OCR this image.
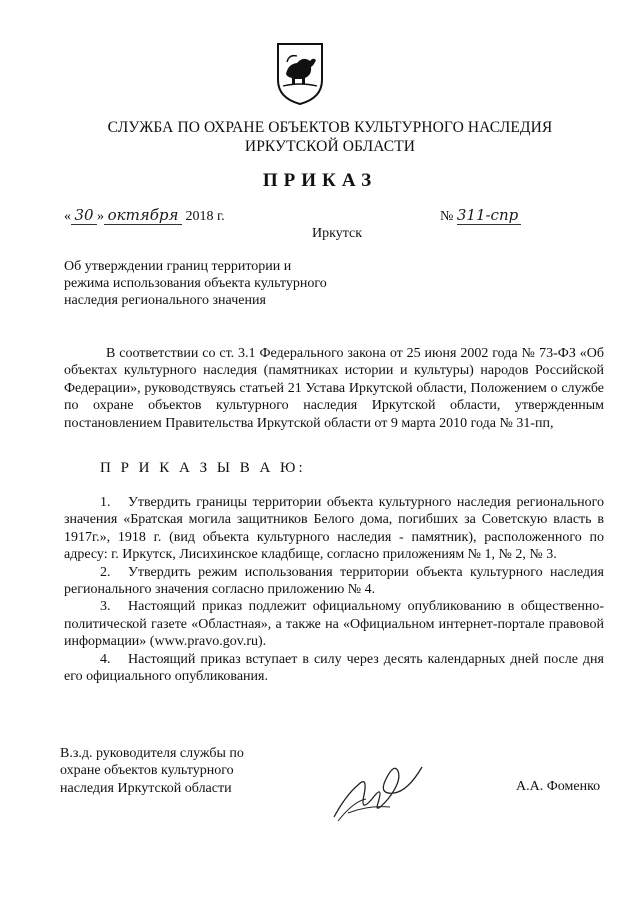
СЛУЖБА ПО ОХРАНЕ ОБЪЕКТОВ КУЛЬТУРНОГО НАСЛЕДИЯ ИРКУТСКОЙ ОБЛАСТИ
ПРИКАЗ
« 30 » октября 2018 г.	№ 311-спр
Иркутск
Об утверждении границ территории и
режима использования объекта культурного
наследия регионального значения
В соответствии со ст. 3.1 Федерального закона от 25 июня 2002 года № 73-ФЗ «Об объектах культурного наследия (памятниках истории и культуры) народов Российской Федерации», руководствуясь статьей 21 Устава Иркутской области, Положением о службе по охране объектов культурного наследия Иркутской области, утвержденным постановлением Правительства Иркутской области от 9 марта 2010 года № 31-пп,
П Р И К А З Ы В А Ю:
1. Утвердить границы территории объекта культурного наследия регионального значения «Братская могила защитников Белого дома, погибших за Советскую власть в 1917г.», 1918 г. (вид объекта культурного наследия - памятник), расположенного по адресу: г. Иркутск, Лисихинское кладбище, согласно приложениям № 1, № 2, № 3.
2. Утвердить режим использования территории объекта культурного наследия регионального значения согласно приложению № 4.
3. Настоящий приказ подлежит официальному опубликованию в общественно-политической газете «Областная», а также на «Официальном интернет-портале правовой информации» (www.pravo.gov.ru).
4. Настоящий приказ вступает в силу через десять календарных дней после дня его официального опубликования.
В.з.д. руководителя службы по
охране объектов культурного
наследия Иркутской области	А.А. Фоменко
